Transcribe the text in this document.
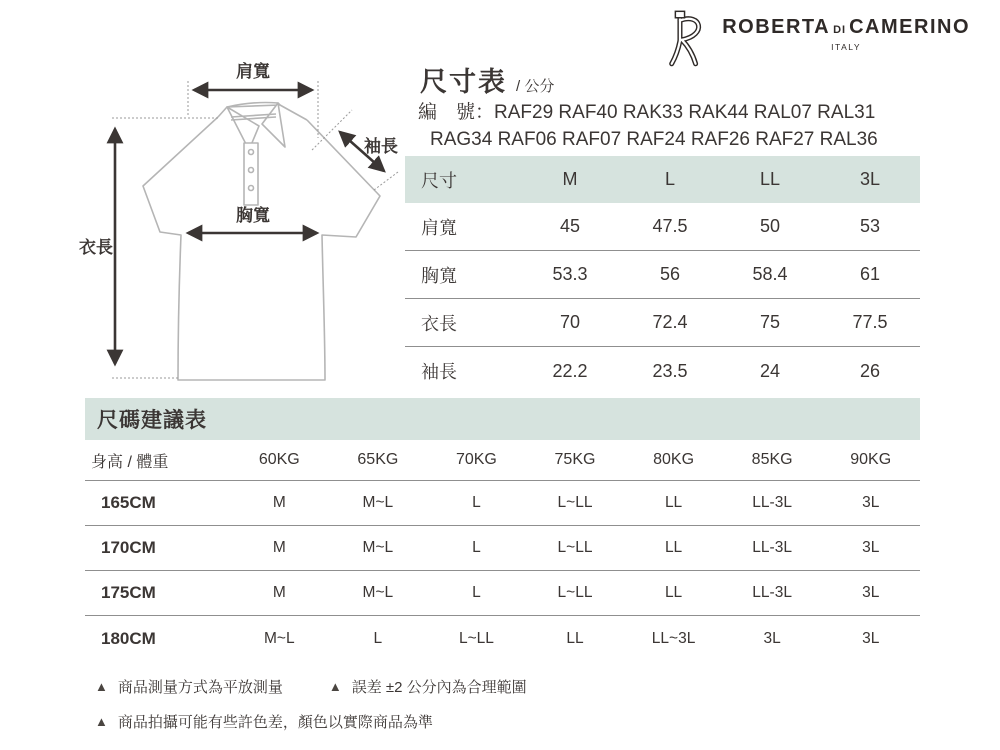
ROBERTA DI CAMERINO
ITALY
肩寬
袖長
胸寬
衣長
尺寸表 / 公分
編　號：RAF29 RAF40 RAK33 RAK44 RAL07 RAL31
RAG34 RAF06 RAF07 RAF24 RAF26 RAF27 RAL36
尺寸	M	L	LL	3L
肩寬	45	47.5	50	53
胸寬	53.3	56	58.4	61
衣長	70	72.4	75	77.5
袖長	22.2	23.5	24	26
尺碼建議表
身高 / 體重	60KG	65KG	70KG	75KG	80KG	85KG	90KG
165CM	M	M~L	L	L~LL	LL	LL-3L	3L
170CM	M	M~L	L	L~LL	LL	LL-3L	3L
175CM	M	M~L	L	L~LL	LL	LL-3L	3L
180CM	M~L	L	L~LL	LL	LL~3L	3L	3L
▲ 商品測量方式為平放測量	▲ 誤差 ±2 公分內為合理範圍
▲ 商品拍攝可能有些許色差，顏色以實際商品為準
